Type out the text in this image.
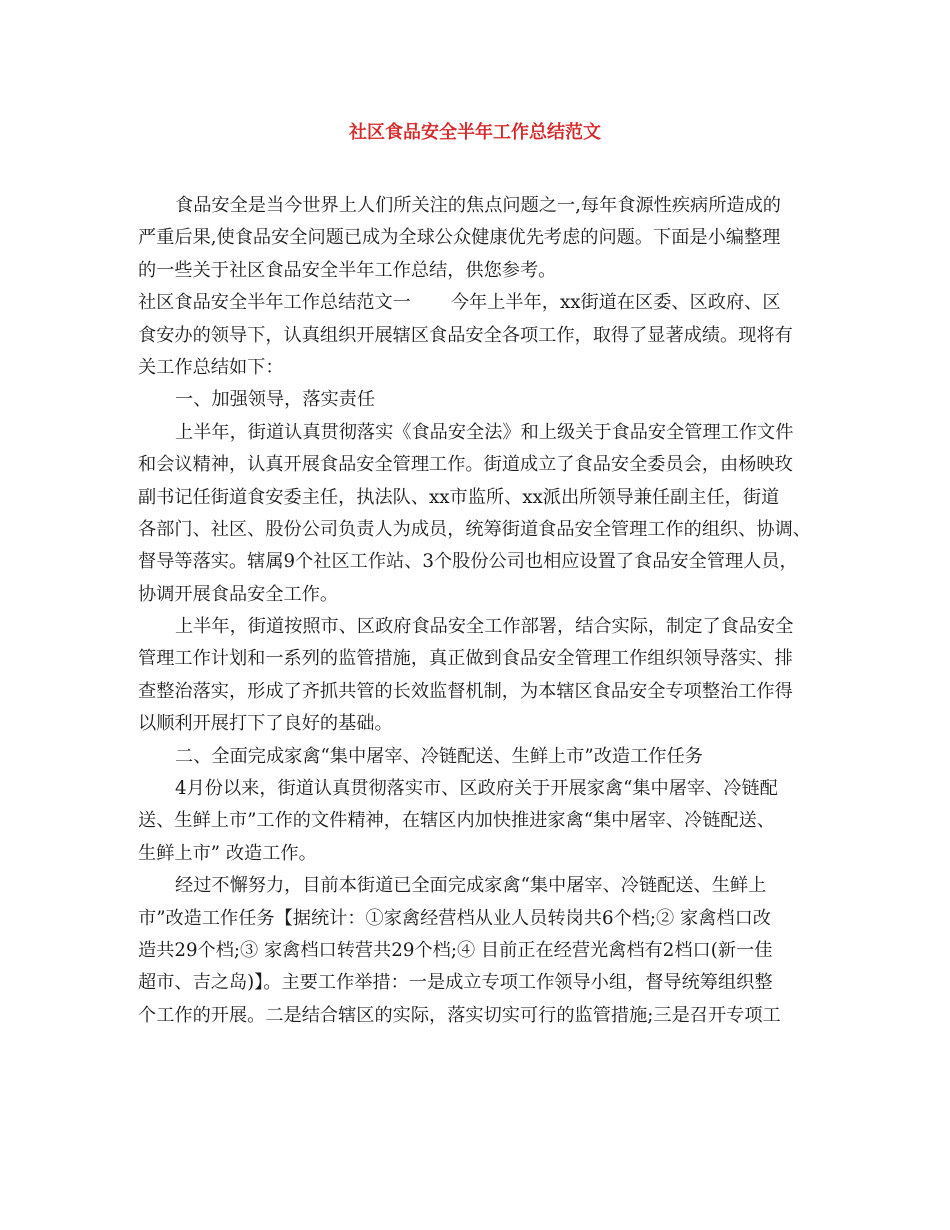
社区食品安全半年工作总结范文
食品安全是当今世界上人们所关注的焦点问题之一,每年食源性疾病所造成的
严重后果,使食品安全问题已成为全球公众健康优先考虑的问题。下面是小编整理
的一些关于社区食品安全半年工作总结，供您参考。
社区食品安全半年工作总结范文一 今年上半年，xx街道在区委、区政府、区
食安办的领导下，认真组织开展辖区食品安全各项工作，取得了显著成绩。现将有
关工作总结如下：
一、加强领导，落实责任
上半年，街道认真贯彻落实《食品安全法》和上级关于食品安全管理工作文件
和会议精神，认真开展食品安全管理工作。街道成立了食品安全委员会，由杨映玫
副书记任街道食安委主任，执法队、xx市监所、xx派出所领导兼任副主任，街道
各部门、社区、股份公司负责人为成员，统筹街道食品安全管理工作的组织、协调、
督导等落实。辖属9个社区工作站、3个股份公司也相应设置了食品安全管理人员，
协调开展食品安全工作。
上半年，街道按照市、区政府食品安全工作部署，结合实际，制定了食品安全
管理工作计划和一系列的监管措施，真正做到食品安全管理工作组织领导落实、排
查整治落实，形成了齐抓共管的长效监督机制，为本辖区食品安全专项整治工作得
以顺利开展打下了良好的基础。
二、全面完成家禽“集中屠宰、冷链配送、生鲜上市”改造工作任务
4月份以来，街道认真贯彻落实市、区政府关于开展家禽“集中屠宰、冷链配
送、生鲜上市”工作的文件精神，在辖区内加快推进家禽“集中屠宰、冷链配送、
生鲜上市” 改造工作。
经过不懈努力，目前本街道已全面完成家禽“集中屠宰、冷链配送、生鲜上
市”改造工作任务【据统计：①家禽经营档从业人员转岗共6个档;② 家禽档口改
造共29个档;③ 家禽档口转营共29个档;④ 目前正在经营光禽档有2档口(新一佳
超市、吉之岛)】。主要工作举措：一是成立专项工作领导小组，督导统筹组织整
个工作的开展。二是结合辖区的实际，落实切实可行的监管措施;三是召开专项工
